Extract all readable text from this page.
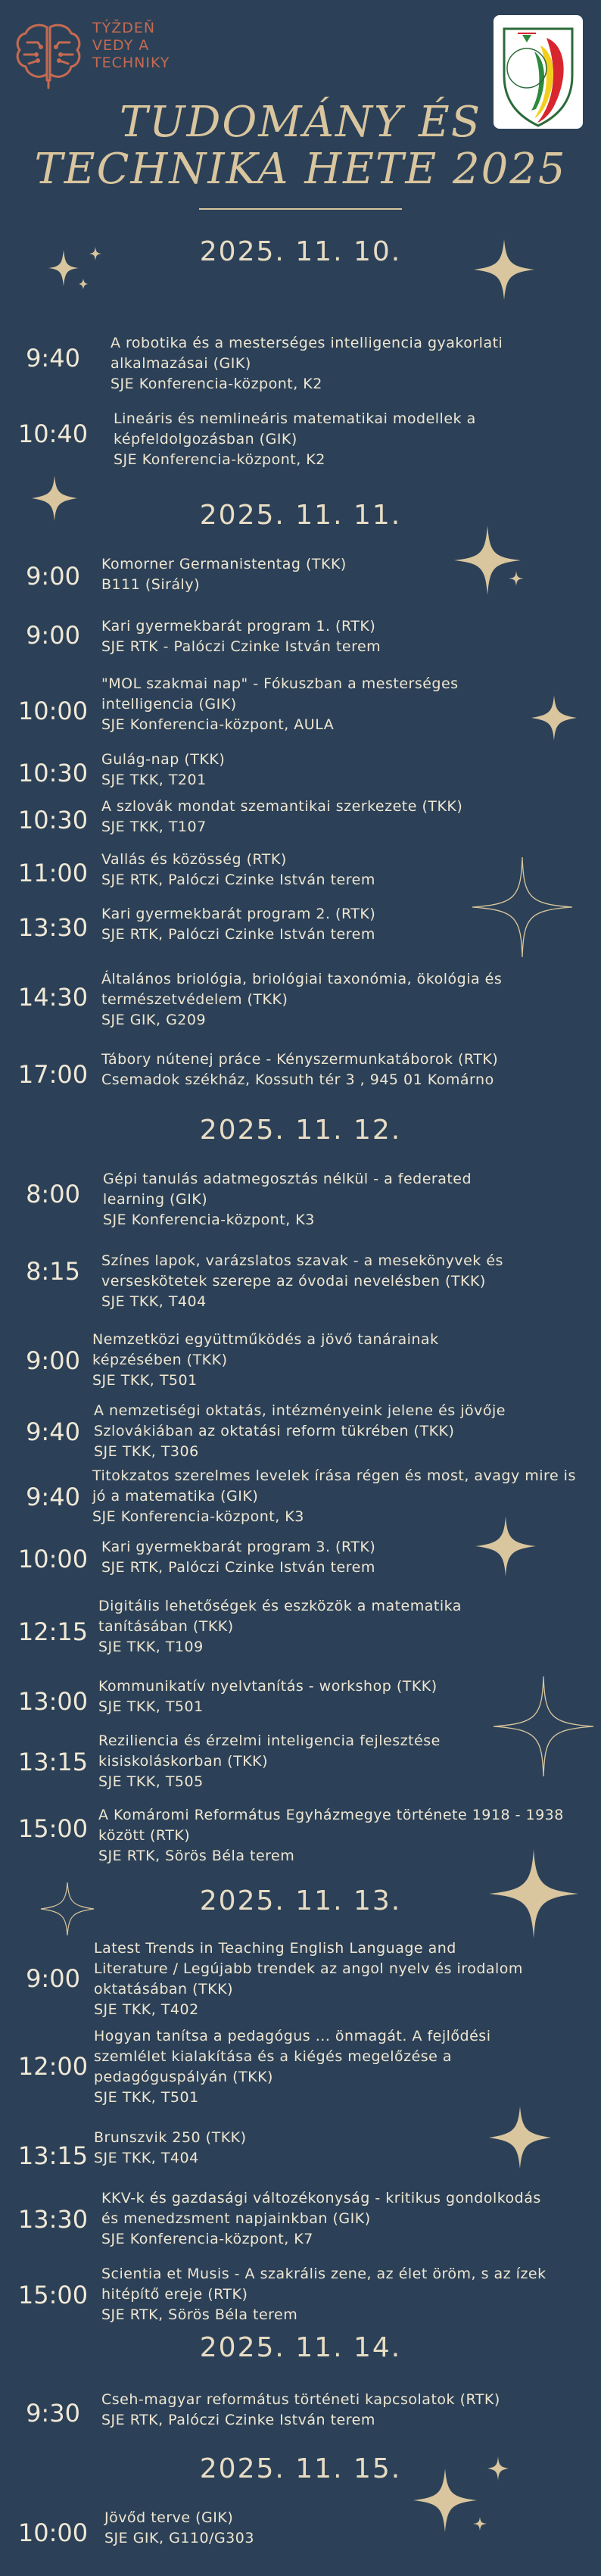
TÝŽDEŇ
VEDY A
TECHNIKY
TUDOMÁNY ÉS
TECHNIKA HETE 2025
2025. 11. 10.
9:40
A robotika és a mesterséges intelligencia gyakorlati alkalmazásai (GIK)
SJE Konferencia-központ, K2
10:40
Lineáris és nemlineáris matematikai modellek a képfeldolgozásban (GIK)
SJE Konferencia-központ, K2
2025. 11. 11.
9:00	Komorner Germanistentag (TKK)
B111 (Sirály)
9:00	Kari gyermekbarát program 1. (RTK)
SJE RTK - Palóczi Czinke István terem
10:00
"MOL szakmai nap" - Fókuszban a mesterséges intelligencia (GIK)
SJE Konferencia-központ, AULA
10:30 Gulág-nap (TKK)
SJE TKK, T201
10:30 A szlovák mondat szemantikai szerkezete (TKK)
SJE TKK, T107
11:00 Vallás és közösség (RTK)
SJE RTK, Palóczi Czinke István terem
13:30 Kari gyermekbarát program 2. (RTK)
SJE RTK, Palóczi Czinke István terem
14:30
Általános briológia, briológiai taxonómia, ökológia és természetvédelem (TKK)
SJE GIK, G209
17:00
Tábory nútenej práce - Kényszermunkatáborok (RTK)
Csemadok székház, Kossuth tér 3 , 945 01 Komárno
2025. 11. 12.
8:00
Gépi tanulás adatmegosztás nélkül - a federated learning (GIK)
SJE Konferencia-központ, K3
8:15	Színes lapok, varázslatos szavak - a mesekönyvek és verseskötetek szerepe az óvodai nevelésben (TKK)
SJE TKK, T404
9:00
Nemzetközi együttműködés a jövő tanárainak képzésében (TKK)
SJE TKK, T501
9:40
A nemzetiségi oktatás, intézményeink jelene és jövője Szlovákiában az oktatási reform tükrében (TKK)
SJE TKK, T306
9:40
Titokzatos szerelmes levelek írása régen és most, avagy mire is jó a matematika (GIK)
SJE Konferencia-központ, K3
10:00 Kari gyermekbarát program 3. (RTK)
SJE RTK, Palóczi Czinke István terem
12:15
Digitális lehetőségek és eszközök a matematika tanításában (TKK)
SJE TKK, T109
13:00
Kommunikatív nyelvtanítás - workshop (TKK)
SJE TKK, T501
13:15
Reziliencia és érzelmi inteligencia fejlesztése kisiskoláskorban (TKK)
SJE TKK, T505
15:00 A Komáromi Református Egyházmegye története 1918 - 1938 között (RTK)
SJE RTK, Sörös Béla terem
2025. 11. 13.
9:00
Latest Trends in Teaching English Language and Literature / Legújabb trendek az angol nyelv és irodalom oktatásában (TKK)
SJE TKK, T402
12:00
Hogyan tanítsa a pedagógus ... önmagát. A fejlődési szemlélet kialakítása és a kiégés megelőzése a pedagóguspályán (TKK)
SJE TKK, T501
13:15
Brunszvik 250 (TKK)
SJE TKK, T404
13:30
KKV-k és gazdasági változékonyság - kritikus gondolkodás és menedzsment napjainkban (GIK)
SJE Konferencia-központ, K7
15:00
Scientia et Musis - A szakrális zene, az élet öröm, s az ízek hitépítő ereje (RTK)
SJE RTK, Sörös Béla terem
2025. 11. 14.
9:30	Cseh-magyar református történeti kapcsolatok (RTK)
SJE RTK, Palóczi Czinke István terem
2025. 11. 15.
10:00
Jövőd terve (GIK)
SJE GIK, G110/G303
